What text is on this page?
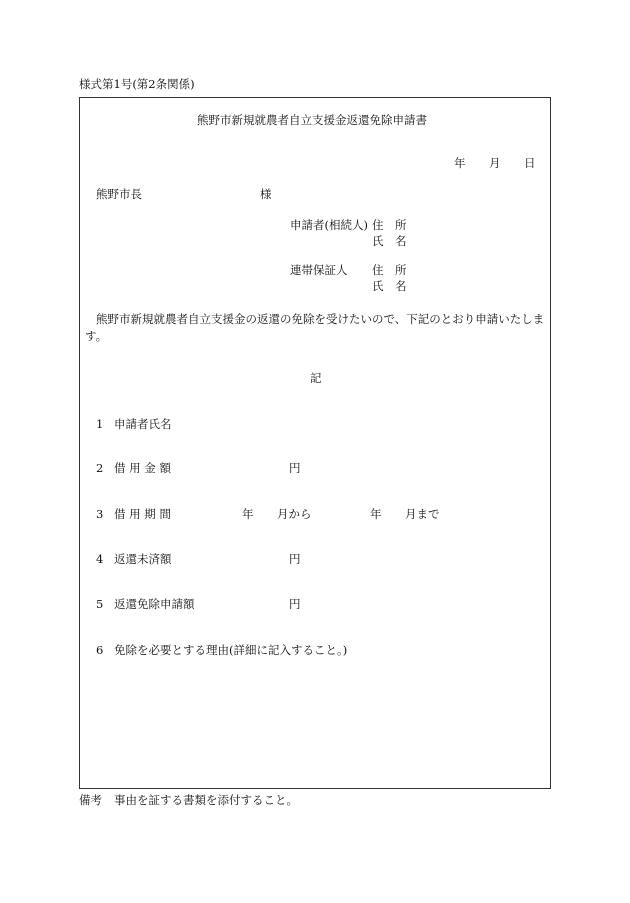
様式第1号(第2条関係)
熊野市新規就農者自立支援金返還免除申請書
年 月 日
熊野市長	様
申請者(相続人) 住　所
氏　名
連帯保証人 住　所
氏　名
熊野市新規就農者自立支援金の返還の免除を受けたいので、下記のとおり申請いたします。
記
1 申請者氏名
2 借 用 金 額	円
3 借 用 期 間	年 月から	年 月まで
4 返還未済額	円
5 返還免除申請額	円
6 免除を必要とする理由(詳細に記入すること。)
備考 事由を証する書類を添付すること。
